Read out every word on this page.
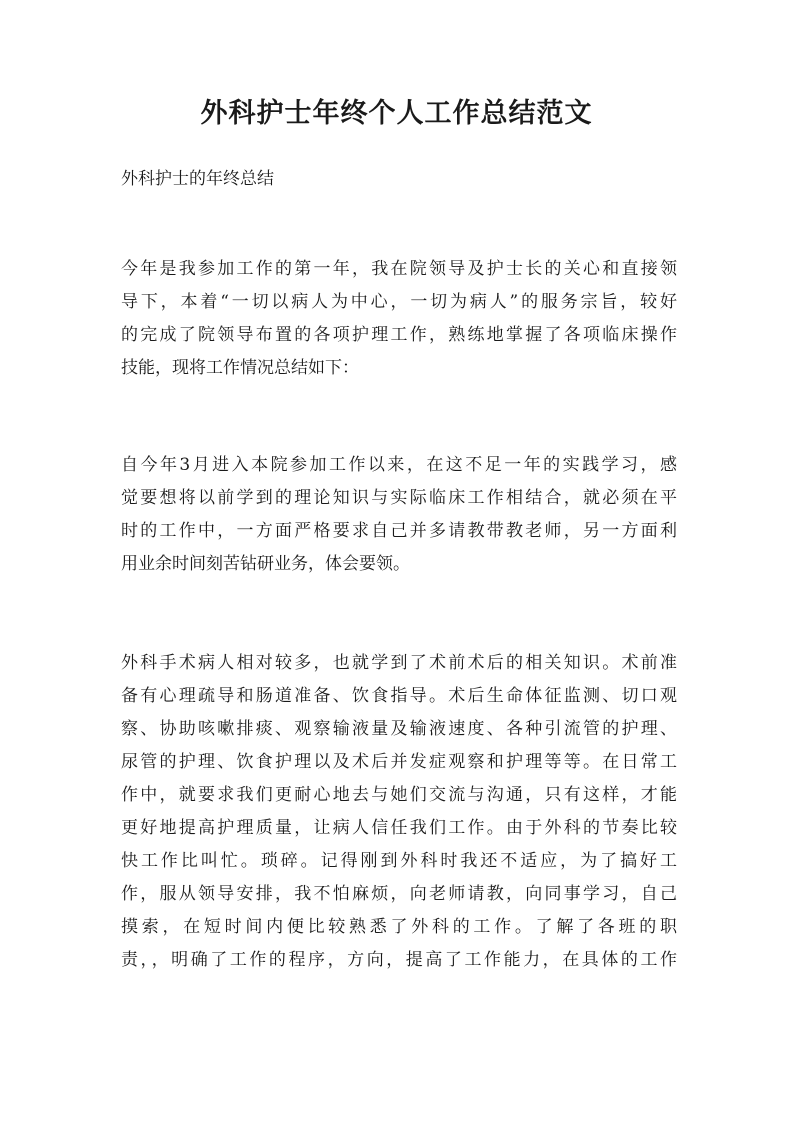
外科护士年终个人工作总结范文
外科护士的年终总结
今年是我参加工作的第一年，我在院领导及护士长的关心和直接领
导下，本着“一切以病人为中心，一切为病人”的服务宗旨，较好
的完成了院领导布置的各项护理工作，熟练地掌握了各项临床操作
技能，现将工作情况总结如下：
自今年3月进入本院参加工作以来，在这不足一年的实践学习，感
觉要想将以前学到的理论知识与实际临床工作相结合，就必须在平
时的工作中，一方面严格要求自己并多请教带教老师，另一方面利
用业余时间刻苦钻研业务，体会要领。
外科手术病人相对较多，也就学到了术前术后的相关知识。术前准
备有心理疏导和肠道准备、饮食指导。术后生命体征监测、切口观
察、协助咳嗽排痰、观察输液量及输液速度、各种引流管的护理、
尿管的护理、饮食护理以及术后并发症观察和护理等等。在日常工
作中，就要求我们更耐心地去与她们交流与沟通，只有这样，才能
更好地提高护理质量，让病人信任我们工作。由于外科的节奏比较
快工作比叫忙。琐碎。记得刚到外科时我还不适应，为了搞好工
作，服从领导安排，我不怕麻烦，向老师请教，向同事学习，自己
摸索，在短时间内便比较熟悉了外科的工作。了解了各班的职
责，，明确了工作的程序，方向，提高了工作能力，在具体的工作
